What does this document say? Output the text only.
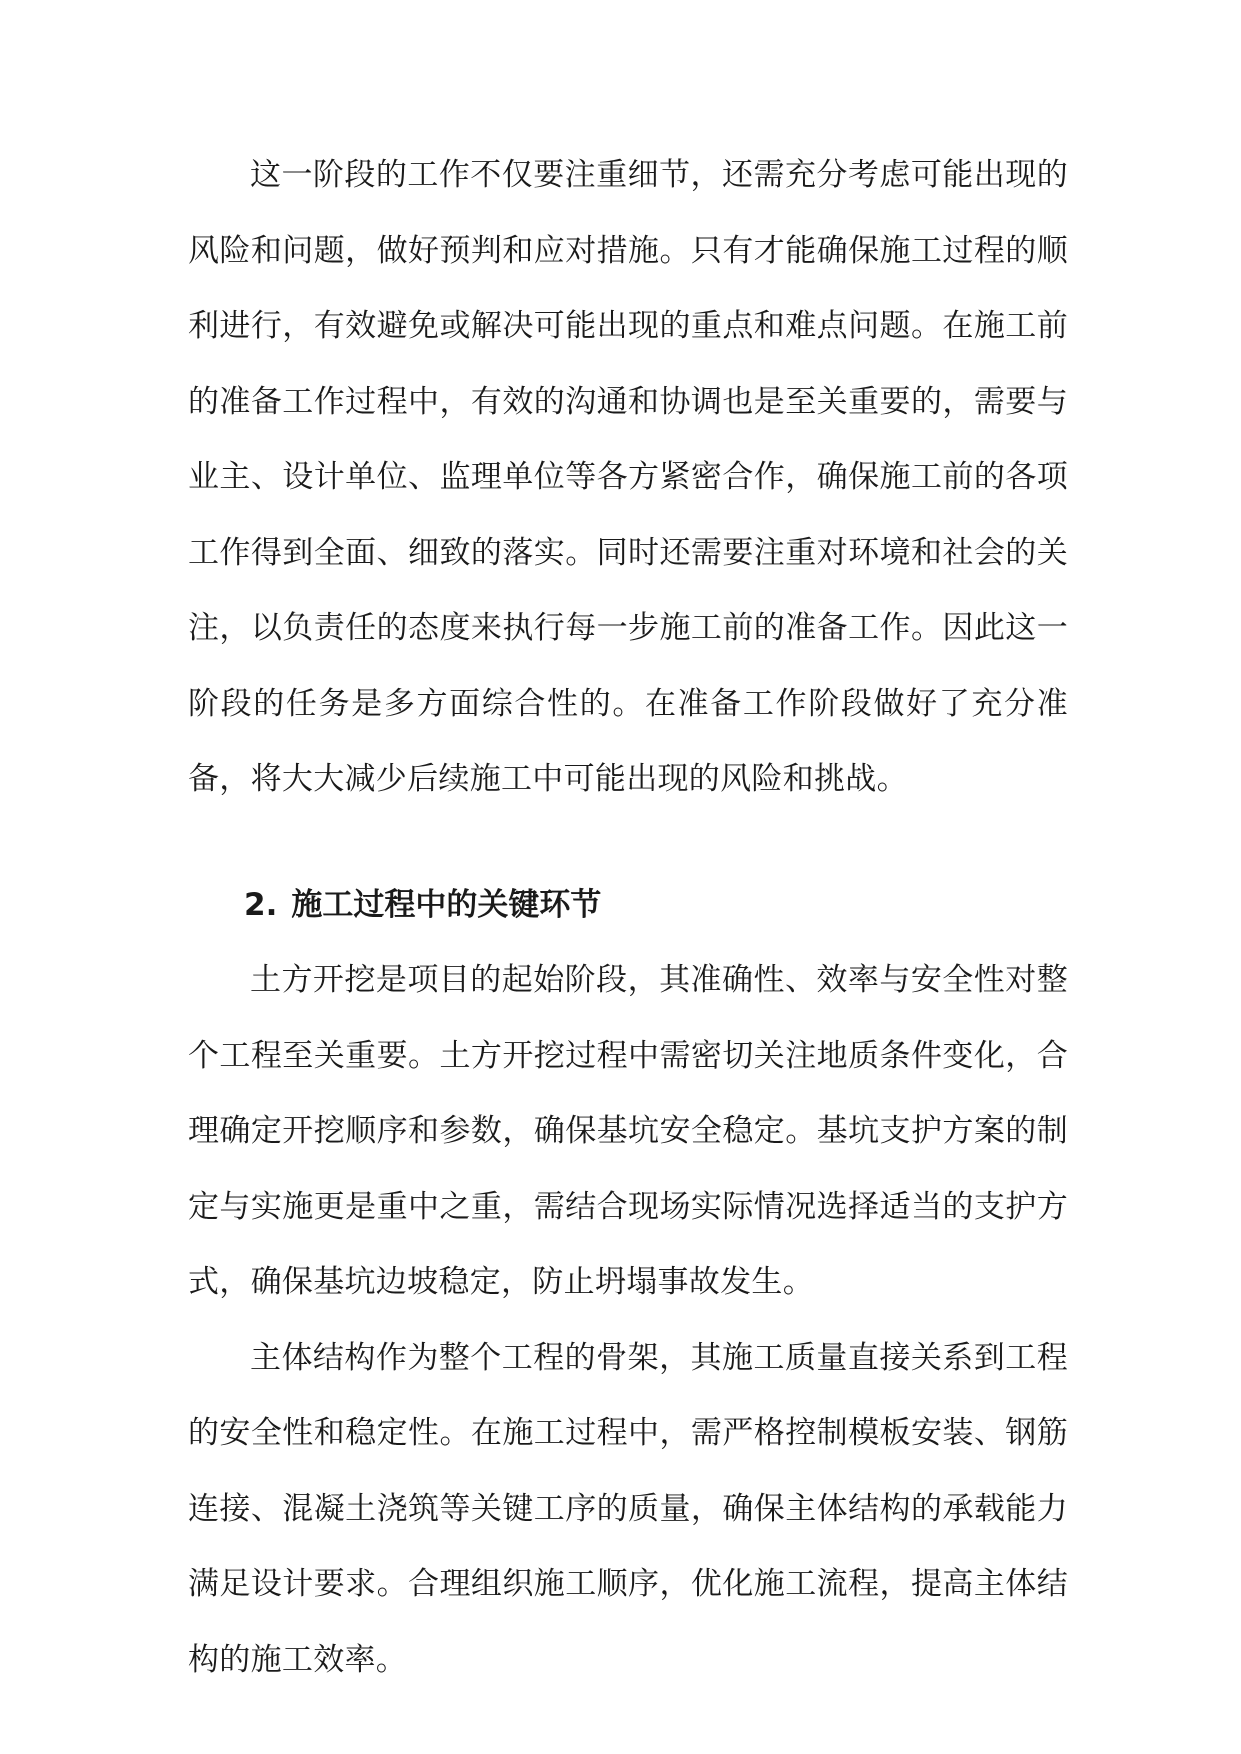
这一阶段的工作不仅要注重细节，还需充分考虑可能出现的风险和问题，做好预判和应对措施。只有才能确保施工过程的顺利进行，有效避免或解决可能出现的重点和难点问题。在施工前的准备工作过程中，有效的沟通和协调也是至关重要的，需要与业主、设计单位、监理单位等各方紧密合作，确保施工前的各项工作得到全面、细致的落实。同时还需要注重对环境和社会的关注，以负责任的态度来执行每一步施工前的准备工作。因此这一阶段的任务是多方面综合性的。在准备工作阶段做好了充分准备，将大大减少后续施工中可能出现的风险和挑战。

2. 施工过程中的关键环节

土方开挖是项目的起始阶段，其准确性、效率与安全性对整个工程至关重要。土方开挖过程中需密切关注地质条件变化，合理确定开挖顺序和参数，确保基坑安全稳定。基坑支护方案的制定与实施更是重中之重，需结合现场实际情况选择适当的支护方式，确保基坑边坡稳定，防止坍塌事故发生。

主体结构作为整个工程的骨架，其施工质量直接关系到工程的安全性和稳定性。在施工过程中，需严格控制模板安装、钢筋连接、混凝土浇筑等关键工序的质量，确保主体结构的承载能力满足设计要求。合理组织施工顺序，优化施工流程，提高主体结构的施工效率。
